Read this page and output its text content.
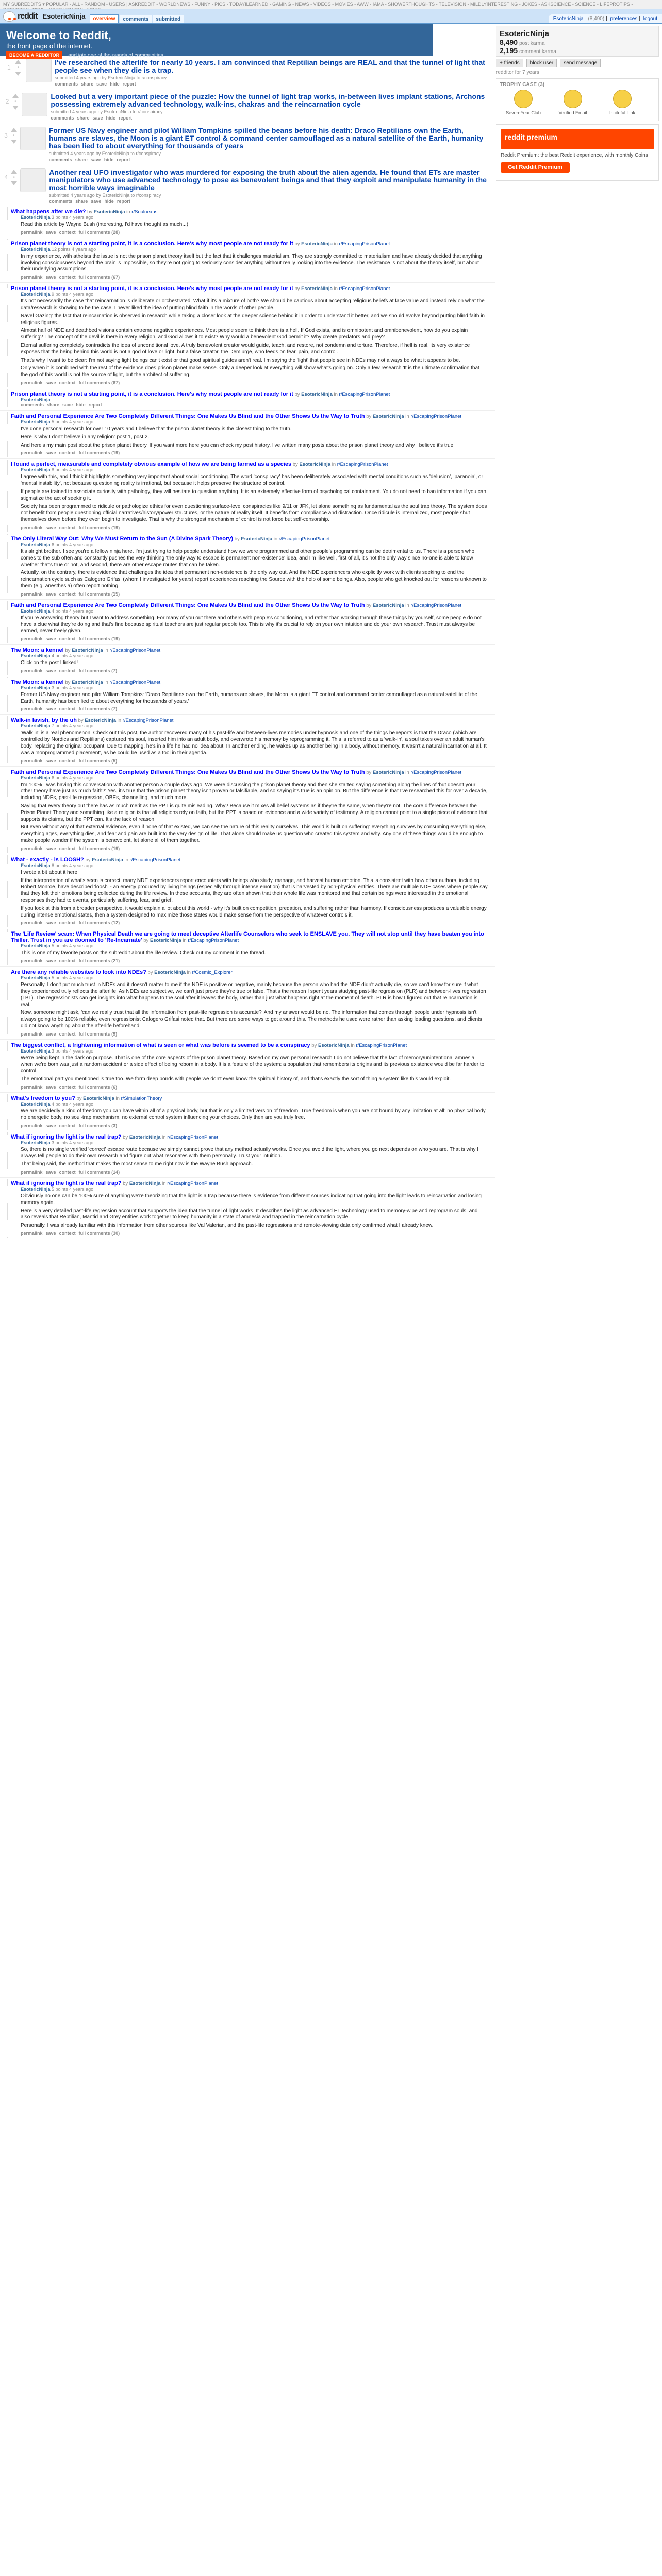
MY SUBREDDITS ▾ POPULAR - ALL - RANDOM - USERS | ASKREDDIT - WORLDNEWS - FUNNY - PICS - TODAYILEARNED - GAMING - NEWS - VIDEOS - MOVIES - AWW - IAMA - SHOWERTHOUGHTS - TELEVISION - MILDLYINTERESTING - JOKES - ASKSCIENCE - SCIENCE - LIFEPROTIPS -
reddit EsotericNinja	overview	comments	submitted	EsotericNinja (8,490) | preferences | logout
Welcome to Reddit,
the front page of the internet.
BECOME A REDDITOR and join one of thousands of communities.
EsotericNinja
8,490 post karma
2,195 comment karma
+ friends	block user	send message
redditor for 7 years
TROPHY CASE (3)
Seven-Year Club	Verified Email	Inciteful Link
reddit premium
Reddit Premium: the best Reddit experience, with monthly Coins
Get Reddit Premium
1	•
I've researched the afterlife for nearly 10 years. I am convinced that Reptilian beings are REAL and that the tunnel of light that people see when they die is a trap.
submitted 4 years ago by EsotericNinja to r/conspiracy
comments share save hide report
2	•
Looked but a very important piece of the puzzle: How the tunnel of light trap works, in-between lives implant stations, Archons possessing extremely advanced technology, walk-ins, chakras and the reincarnation cycle
submitted 4 years ago by EsotericNinja to r/conspiracy
comments share save hide report
3	•
Former US Navy engineer and pilot William Tompkins spilled the beans before his death: Draco Reptilians own the Earth, humans are slaves, the Moon is a giant ET control & command center camouflaged as a natural satellite of the Earth, humanity has been lied to about everything for thousands of years
submitted 4 years ago by EsotericNinja to r/conspiracy
comments share save hide report
4	•
Another real UFO investigator who was murdered for exposing the truth about the alien agenda. He found that ETs are master manipulators who use advanced technology to pose as benevolent beings and that they exploit and manipulate humanity in the most horrible ways imaginable
submitted 4 years ago by EsotericNinja to r/conspiracy
comments share save hide report
What happens after we die? by EsotericNinja in r/Soulnexus
EsotericNinja 3 points 4 years ago

Read this article by Wayne Bush (interesting, I'd have thought as much...)

permalink save context full comments (28)
Prison planet theory is not a starting point, it is a conclusion. Here's why most people are not ready for it by EsotericNinja in r/EscapingPrisonPlanet
EsotericNinja 12 points 4 years ago

In my experience, with atheists the issue is not the prison planet theory itself but the fact that it challenges materialism. They are strongly committed to materialism and have already decided that anything involving consciousness beyond the brain is impossible, so they're not going to seriously consider anything without really looking into the evidence. The resistance is not about the theory itself, but about their underlying assumptions.

permalink save context full comments (67)
Prison planet theory is not a starting point, it is a conclusion. Here's why most people are not ready for it by EsotericNinja in r/EscapingPrisonPlanet
EsotericNinja 9 points 4 years ago

It's not necessarily the case that reincarnation is deliberate or orchestrated. What if it's a mixture of both? We should be cautious about accepting religious beliefs at face value and instead rely on what the data/research is showing to be the case. I never liked the idea of putting blind faith in the words of other people.

Navel Gazing: the fact that reincarnation is observed in research while taking a closer look at the deeper science behind it in order to understand it better, and we should evolve beyond putting blind faith in religious figures.

Almost half of NDE and deathbed visions contain extreme negative experiences. Most people seem to think there is a hell. If God exists, and is omnipotent and omnibenevolent, how do you explain suffering? The concept of the devil is there in every religion, and God allows it to exist? Why would a benevolent God permit it? Why create predators and prey?

Eternal suffering completely contradicts the idea of unconditional love. A truly benevolent creator would guide, teach, and restore, not condemn and torture. Therefore, if hell is real, its very existence exposes that the being behind this world is not a god of love or light, but a false creator, the Demiurge, who feeds on fear, pain, and control.

That's why I want to be clear: I'm not saying light beings can't exist or that good spiritual guides aren't real. I'm saying the 'light' that people see in NDEs may not always be what it appears to be.

Only when it is combined with the rest of the evidence does prison planet make sense. Only a deeper look at everything will show what's going on. Only a few research 'It is the ultimate confirmation that the god of this world is not the source of light, but the architect of suffering.

permalink save context full comments (67)
Prison planet theory is not a starting point, it is a conclusion. Here's why most people are not ready for it by EsotericNinja in r/EscapingPrisonPlanet
EsotericNinja
comments share save hide report
Faith and Personal Experience Are Two Completely Different Things: One Makes Us Blind and the Other Shows Us the Way to Truth by EsotericNinja in r/EscapingPrisonPlanet
EsotericNinja 5 points 4 years ago

I've done personal research for over 10 years and I believe that the prison planet theory is the closest thing to the truth.

Here is why I don't believe in any religion: post 1, post 2.

And here's my main post about the prison planet theory. If you want more here you can check my post history, I've written many posts about the prison planet theory and why I believe it's true.

permalink save context full comments (19)
I found a perfect, measurable and completely obvious example of how we are being farmed as a species by EsotericNinja in r/EscapingPrisonPlanet
EsotericNinja 8 points 4 years ago

I agree with this, and I think it highlights something very important about social conditioning. The word 'conspiracy' has been deliberately associated with mental conditions such as 'delusion', 'paranoia', or 'mental instability', not because questioning reality is irrational, but because it helps preserve the structure of control.

If people are trained to associate curiosity with pathology, they will hesitate to question anything. It is an extremely effective form of psychological containment. You do not need to ban information if you can stigmatize the act of seeking it.

Society has been programmed to ridicule or pathologize ethics for even questioning surface-level conspiracies like 9/11 or JFK, let alone something as fundamental as the soul trap theory. The system does not benefit from people questioning official narratives/history/power structures, or the nature of reality itself. It benefits from compliance and distraction. Once ridicule is internalized, most people shut themselves down before they even begin to investigate. That is why the strongest mechanism of control is not force but self-censorship.

permalink save context full comments (19)
The Only Literal Way Out: Why We Must Return to the Sun (A Divine Spark Theory) by EsotericNinja in r/EscapingPrisonPlanet
EsotericNinja 6 points 4 years ago

It's alright brother. I see you're a fellow ninja here. I'm just trying to help people understand how we were programmed and other people's programming can be detrimental to us. There is a person who comes to the sub often and constantly pushes the very thinking 'the only way to escape is permanent non-existence' idea, and I'm like well, first of all, it's not the only way since no-one is able to know whether that's true or not, and second, there are other escape routes that can be taken.

Actually, on the contrary, there is evidence that challenges the idea that permanent non-existence is the only way out. And the NDE experiencers who explicitly work with clients seeking to end the reincarnation cycle such as Calogero Grifasi (whom I investigated for years) report experiences reaching the Source with the help of some beings. Also, people who get knocked out for reasons unknown to them (e.g. anesthesia) often report nothing.

permalink save context full comments (15)
Faith and Personal Experience Are Two Completely Different Things: One Makes Us Blind and the Other Shows Us the Way to Truth by EsotericNinja in r/EscapingPrisonPlanet
EsotericNinja 4 points 4 years ago

If you're answering theory but I want to address something. For many of you out there and others with people's conditioning, and rather than working through these things by yourself, some people do not have a clue what they're doing and that's fine because spiritual teachers are just regular people too. This is why it's crucial to rely on your own intuition and do your own research. Trust must always be earned, never freely given.

permalink save context full comments (19)
The Moon: a kennel by EsotericNinja in r/EscapingPrisonPlanet
EsotericNinja 4 points 4 years ago

Click on the post I linked!

permalink save context full comments (7)
The Moon: a kennel by EsotericNinja in r/EscapingPrisonPlanet
EsotericNinja 3 points 4 years ago

Former US Navy engineer and pilot William Tompkins: 'Draco Reptilians own the Earth, humans are slaves, the Moon is a giant ET control and command center camouflaged as a natural satellite of the Earth, humanity has been lied to about everything for thousands of years.'

permalink save context full comments (7)
Walk-in lavish, by the uh by EsotericNinja in r/EscapingPrisonPlanet
EsotericNinja 7 points 4 years ago

'Walk in' is a real phenomenon. Check out this post, the author recovered many of his past-life and between-lives memories under hypnosis and one of the things he reports is that the Draco (which are controlled by Nordics and Reptilians) captured his soul, inserted him into an adult body, and overwrote his memory by reprogramming it. This is referred to as a 'walk-in', a soul takes over an adult human's body, replacing the original occupant. Due to mapping, he's in a life he had no idea about. In another ending, he wakes up as another being in a body, without memory. It wasn't a natural incarnation at all. It was a 'nonprogrammed placement', as he could be used as a tool in their agenda.

permalink save context full comments (5)
Faith and Personal Experience Are Two Completely Different Things: One Makes Us Blind and the Other Shows Us the Way to Truth by EsotericNinja in r/EscapingPrisonPlanet
EsotericNinja 6 points 4 years ago

I'm 100% I was having this conversation with another person a couple days ago. We were discussing the prison planet theory and then she started saying something along the lines of 'but doesn't your other theory have just as much faith?' Yes, it's true that the prison planet theory isn't proven or falsifiable, and so saying it's true is an opinion. But the difference is that I've researched this for over a decade, including NDEs, past-life regression, OBEs, channelling, and much more.

Saying that every theory out there has as much merit as the PPT is quite misleading. Why? Because it mixes all belief systems as if they're the same, when they're not. The core difference between the Prison Planet Theory and something like a religion is that all religions rely on faith, but the PPT is based on evidence and a wide variety of testimony. A religion cannot point to a single piece of evidence that supports its claims, but the PPT can. It's the lack of reason.

But even without any of that external evidence, even if none of that existed, we can see the nature of this reality ourselves. This world is built on suffering: everything survives by consuming everything else, everything ages, everything dies, and fear and pain are built into the very design of life. That alone should make us question who created this system and why. Any one of these things would be enough to make people wonder if the system is benevolent, let alone all of them together.

permalink save context full comments (19)
What - exactly - is LOOSH? by EsotericNinja in r/EscapingPrisonPlanet
EsotericNinja 8 points 4 years ago

I wrote a bit about it here:

If the interpretation of what's seen is correct, many NDE experiencers report encounters with beings who study, manage, and harvest human emotion. This is consistent with how other authors, including Robert Monroe, have described 'loosh' - an energy produced by living beings (especially through intense emotion) that is harvested by non-physical entities. There are multiple NDE cases where people say that they felt their emotions being collected during the life review. In these accounts, they are often shown that their whole life was monitored and that certain beings were interested in the emotional responses they had to events, particularly suffering, fear, and grief.

If you look at this from a broader perspective, it would explain a lot about this world - why it's built on competition, predation, and suffering rather than harmony. If consciousness produces a valuable energy during intense emotional states, then a system designed to maximize those states would make sense from the perspective of whatever controls it.

permalink save context full comments (12)
The 'Life Review' scam: When Physical Death we are going to meet deceptive Afterlife Counselors who seek to ENSLAVE you. They will not stop until they have beaten you into Thiller. Trust in you are doomed to 'Re-Incarnate' by EsotericNinja in r/EscapingPrisonPlanet
EsotericNinja 5 points 4 years ago

This is one of my favorite posts on the subreddit about the life review. Check out my comment in the thread.

permalink save context full comments (21)
Are there any reliable websites to look into NDEs? by EsotericNinja in r/Cosmic_Explorer
EsotericNinja 5 points 4 years ago

Personally, I don't put much trust in NDEs and it doesn't matter to me if the NDE is positive or negative, mainly because the person who had the NDE didn't actually die, so we can't know for sure if what they experienced truly reflects the afterlife. As NDEs are subjective, we can't just prove they're true or false. That's the reason I spent years studying past-life regression (PLR) and between-lives regression (LBL). The regressionists can get insights into what happens to the soul after it leaves the body, rather than just what happens right at the moment of death. PLR is how I figured out that reincarnation is real.

Now, someone might ask, 'can we really trust that all the information from past-life regression is accurate?' And my answer would be no. The information that comes through people under hypnosis isn't always going to be 100% reliable, even regressionist Calogero Grifasi noted that. But there are some ways to get around this. The methods he used were rather than asking leading questions, and clients did not know anything about the afterlife beforehand.

permalink save context full comments (9)
The biggest conflict, a frightening information of what is seen or what was before is seemed to be a conspiracy by EsotericNinja in r/EscapingPrisonPlanet
EsotericNinja 3 points 4 years ago

We're being kept in the dark on purpose. That is one of the core aspects of the prison planet theory. Based on my own personal research I do not believe that the fact of memory/unintentional amnesia when we're born was just a random accident or a side effect of being reborn in a body. It is a feature of the system: a population that remembers its origins and its previous existence would be far harder to control.

The emotional part you mentioned is true too. We form deep bonds with people we don't even know the spiritual history of, and that's exactly the sort of thing a system like this would exploit.

permalink save context full comments (6)
What's freedom to you? by EsotericNinja in r/SimulationTheory
EsotericNinja 4 points 4 years ago

We are decidedly a kind of freedom you can have within all of a physical body, but that is only a limited version of freedom. True freedom is when you are not bound by any limitation at all: no physical body, no energetic body, no soul-trap mechanism, no external control system influencing your choices. Only then are you truly free.

permalink save context full comments (3)
What if ignoring the light is the real trap? by EsotericNinja in r/EscapingPrisonPlanet
EsotericNinja 3 points 4 years ago

So, there is no single verified 'correct' escape route because we simply cannot prove that any method actually works. Once you avoid the light, where you go next depends on who you are. That is why I always tell people to do their own research and figure out what resonates with them personally. Trust your intuition.

That being said, the method that makes the most sense to me right now is the Wayne Bush approach.

permalink save context full comments (14)
What if ignoring the light is the real trap? by EsotericNinja in r/EscapingPrisonPlanet
EsotericNinja 5 points 4 years ago

Obviously no one can be 100% sure of anything we're theorizing that the light is a trap because there is evidence from different sources indicating that going into the light leads to reincarnation and losing memory again.

Here is a very detailed past-life regression account that supports the idea that the tunnel of light works. It describes the light as advanced ET technology used to memory-wipe and reprogram souls, and also reveals that Reptilian, Mantid and Grey entities work together to keep humanity in a state of amnesia and trapped in the reincarnation cycle.

Personally, I was already familiar with this information from other sources like Val Valerian, and the past-life regressions and remote-viewing data only confirmed what I already knew.

permalink save context full comments (30)
